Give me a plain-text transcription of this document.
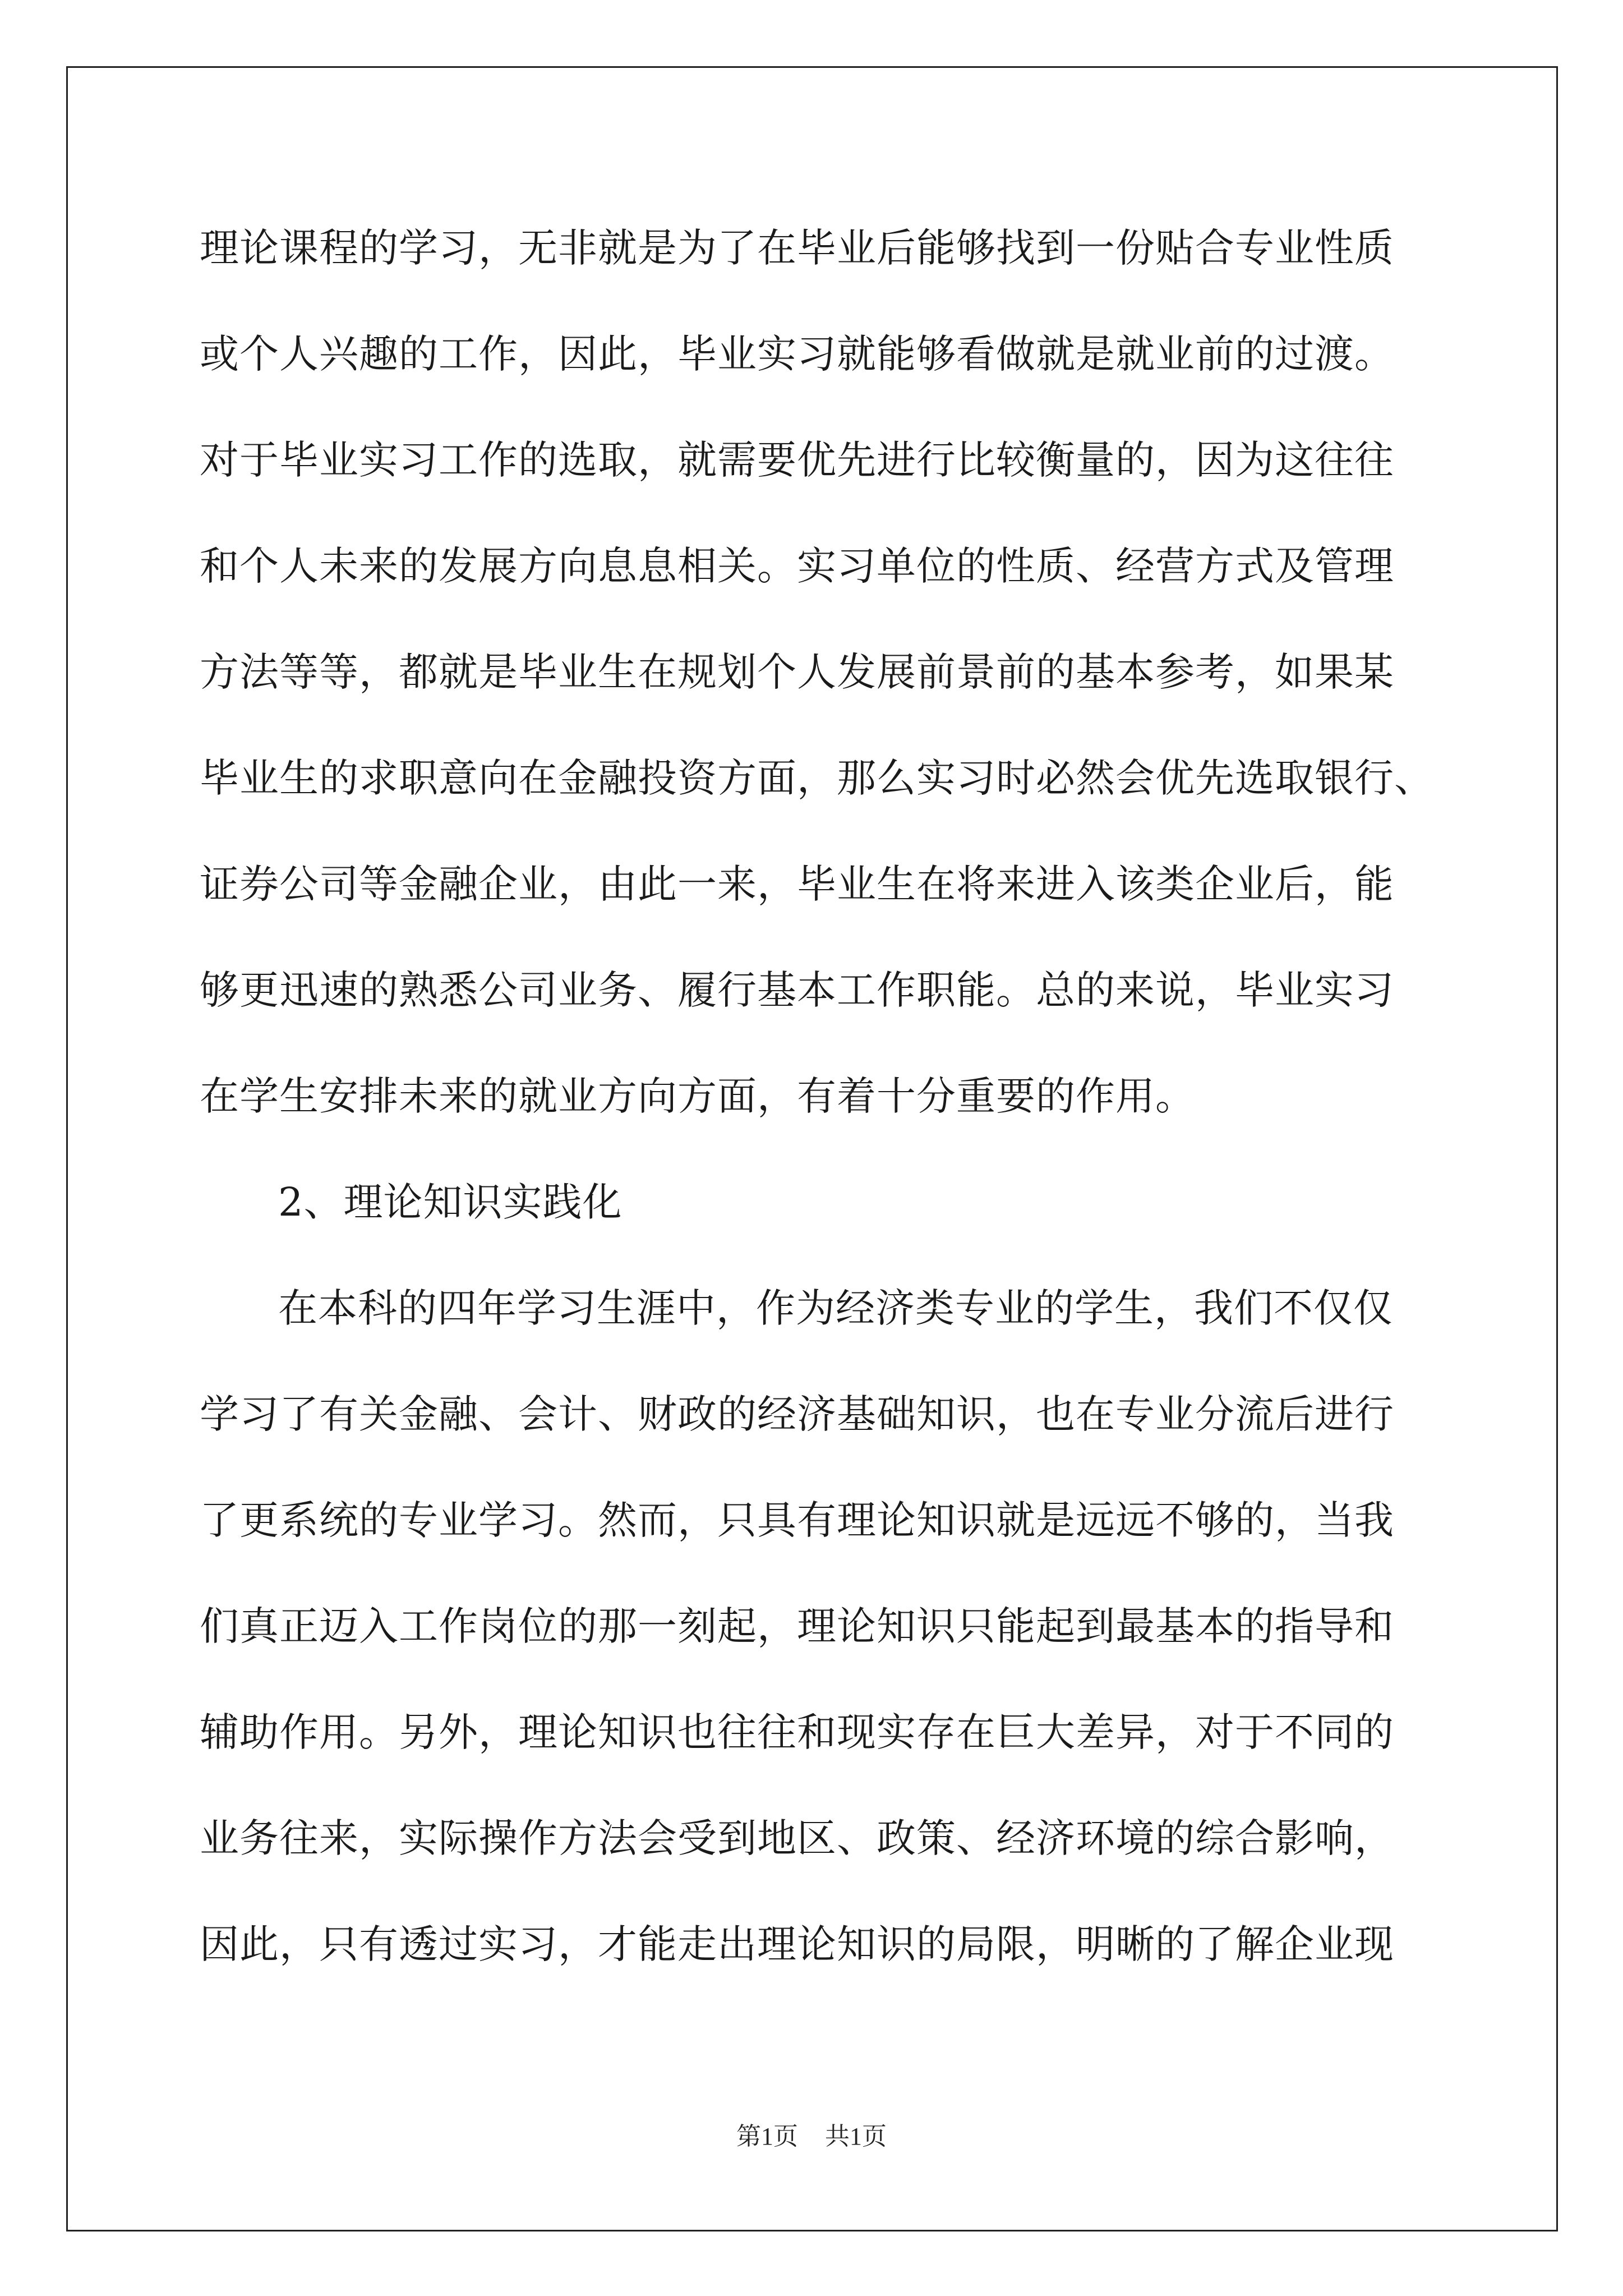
理论课程的学习，无非就是为了在毕业后能够找到一份贴合专业性质

或个人兴趣的工作，因此，毕业实习就能够看做就是就业前的过渡。

对于毕业实习工作的选取，就需要优先进行比较衡量的，因为这往往

和个人未来的发展方向息息相关。实习单位的性质、经营方式及管理

方法等等，都就是毕业生在规划个人发展前景前的基本参考，如果某

毕业生的求职意向在金融投资方面，那么实习时必然会优先选取银行、

证券公司等金融企业，由此一来，毕业生在将来进入该类企业后，能

够更迅速的熟悉公司业务、履行基本工作职能。总的来说，毕业实习

在学生安排未来的就业方向方面，有着十分重要的作用。

2、理论知识实践化

在本科的四年学习生涯中，作为经济类专业的学生，我们不仅仅

学习了有关金融、会计、财政的经济基础知识，也在专业分流后进行

了更系统的专业学习。然而，只具有理论知识就是远远不够的，当我

们真正迈入工作岗位的那一刻起，理论知识只能起到最基本的指导和

辅助作用。另外，理论知识也往往和现实存在巨大差异，对于不同的

业务往来，实际操作方法会受到地区、政策、经济环境的综合影响，

因此，只有透过实习，才能走出理论知识的局限，明晰的了解企业现

第1页 共1页
